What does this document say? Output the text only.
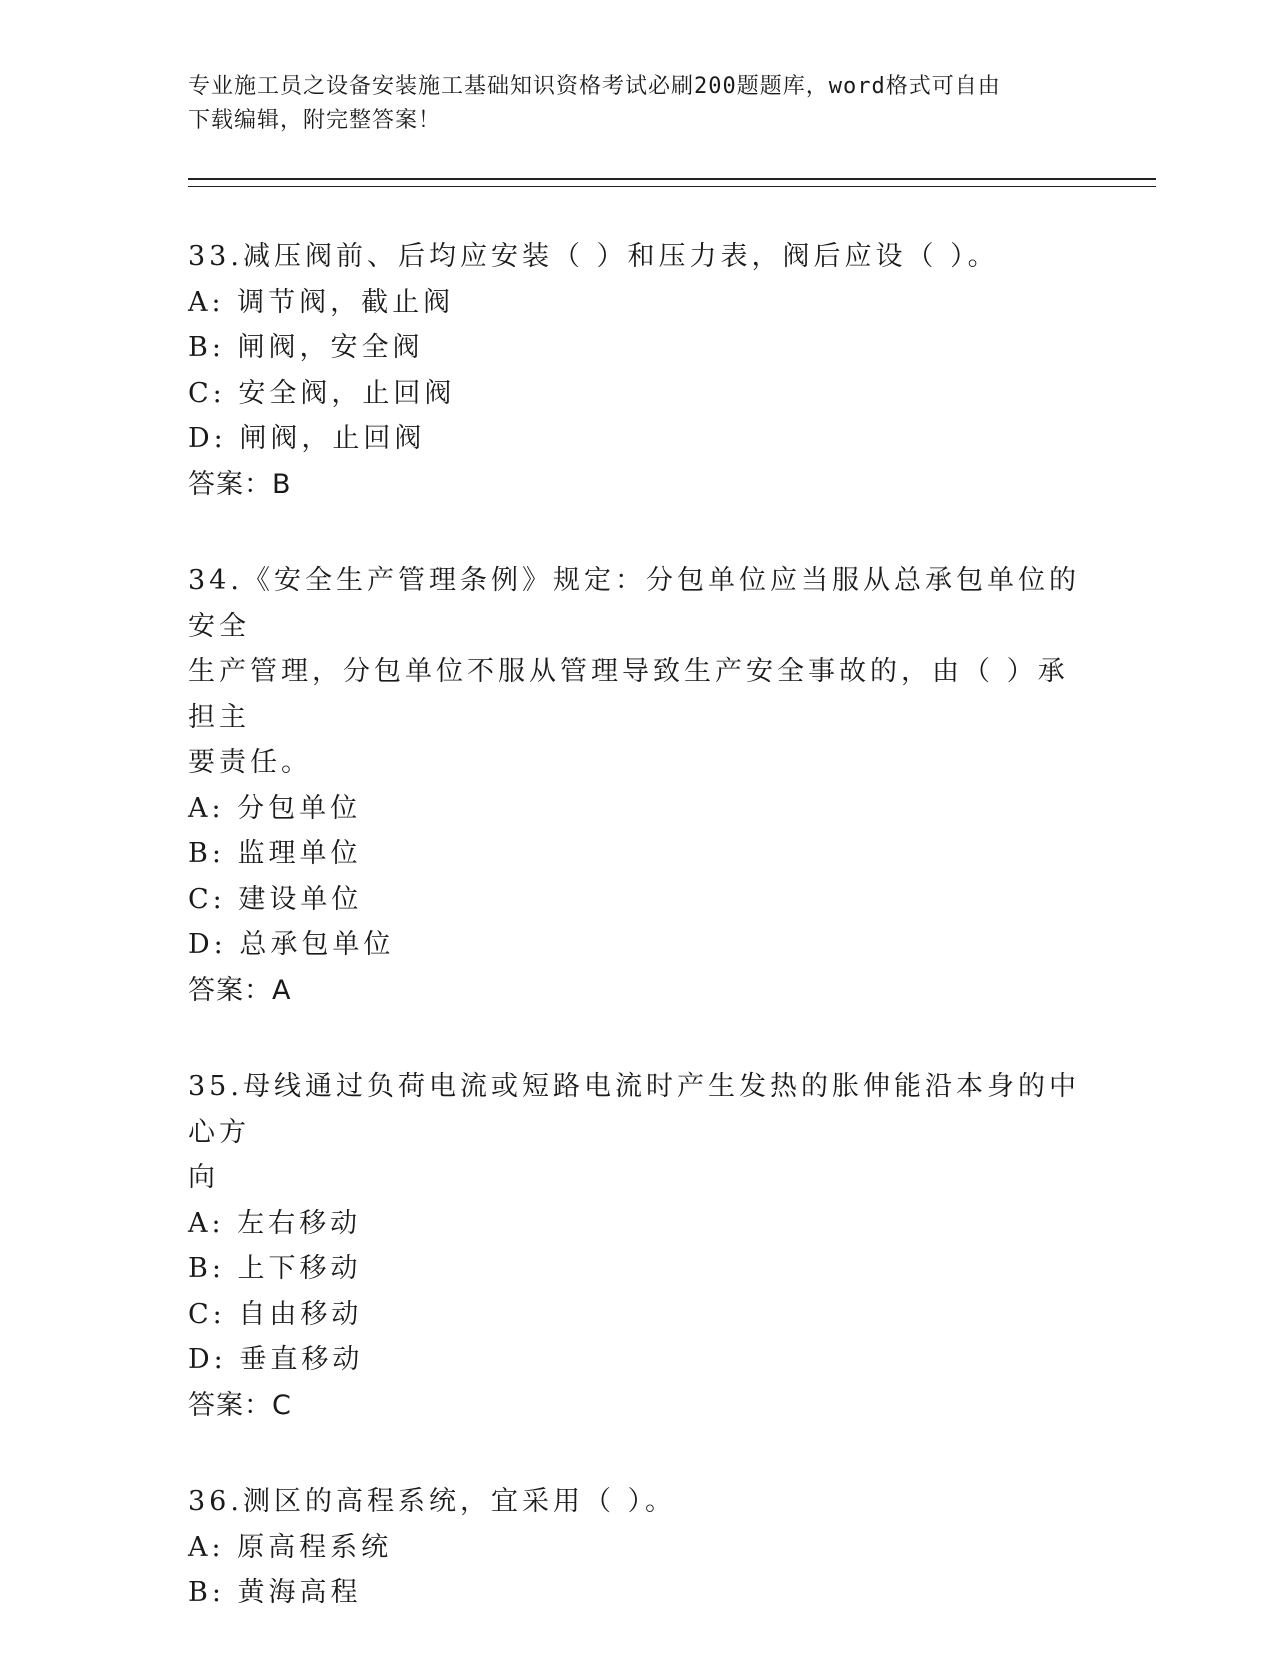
专业施工员之设备安装施工基础知识资格考试必刷200题题库，word格式可自由
下载编辑，附完整答案！
33.减压阀前、后均应安装（ ）和压力表，阀后应设（ ）。
A: 调节阀，截止阀
B: 闸阀，安全阀
C: 安全阀，止回阀
D: 闸阀，止回阀
答案：B
34.《安全生产管理条例》规定：分包单位应当服从总承包单位的安全
生产管理，分包单位不服从管理导致生产安全事故的，由（ ）承担主
要责任。
A: 分包单位
B: 监理单位
C: 建设单位
D: 总承包单位
答案：A
35.母线通过负荷电流或短路电流时产生发热的胀伸能沿本身的中心方
向
A: 左右移动
B: 上下移动
C: 自由移动
D: 垂直移动
答案：C
36.测区的高程系统，宜采用（ ）。
A: 原高程系统
B: 黄海高程
